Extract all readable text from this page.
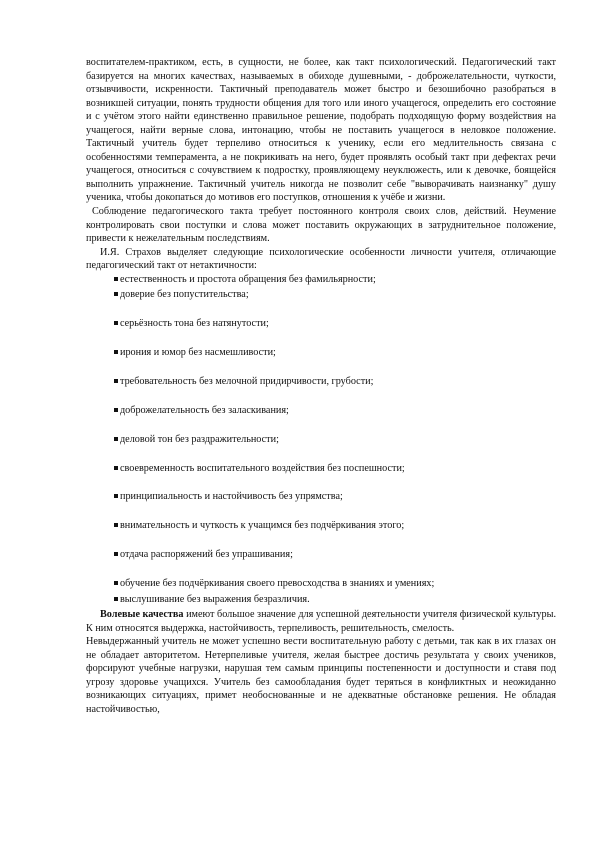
воспитателем-практиком, есть, в сущности, не более, как такт психологический. Педагогический такт базируется на многих качествах, называемых в обиходе душевными, - доброжелательности, чуткости, отзывчивости, искренности. Тактичный преподаватель может быстро и безошибочно разобраться в возникшей ситуации, понять трудности общения для того или иного учащегося, определить его состояние и с учётом этого найти единственно правильное решение, подобрать подходящую форму воздействия на учащегося, найти верные слова, интонацию, чтобы не поставить учащегося в неловкое положение. Тактичный учитель будет терпеливо относиться к ученику, если его медлительность связана с особенностями темперамента, а не покрикивать на него, будет проявлять особый такт при дефектах речи учащегося, относиться с сочувствием к подростку, проявляющему неуклюжесть, или к девочке, боящейся выполнить упражнение. Тактичный учитель никогда не позволит себе "выворачивать наизнанку" душу ученика, чтобы докопаться до мотивов его поступков, отношения к учёбе и жизни.

Соблюдение педагогического такта требует постоянного контроля своих слов, действий. Неумение контролировать свои поступки и слова может поставить окружающих в затруднительное положение, привести к нежелательным последствиям.

И.Я. Страхов выделяет следующие психологические особенности личности учителя, отличающие педагогический такт от нетактичности:

естественность и простота обращения без фамильярности;
доверие без попустительства;
серьёзность тона без натянутости;
ирония и юмор без насмешливости;
требовательность без мелочной придирчивости, грубости;
доброжелательность без заласкивания;
деловой тон без раздражительности;
своевременность воспитательного воздействия без поспешности;
принципиальность и настойчивость без упрямства;
внимательность и чуткость к учащимся без подчёркивания этого;
отдача распоряжений без упрашивания;
обучение без подчёркивания своего превосходства в знаниях и умениях;
выслушивание без выражения безразличия.

Волевые качества имеют большое значение для успешной деятельности учителя физической культуры. К ним относятся выдержка, настойчивость, терпеливость, решительность, смелость.

Невыдержанный учитель не может успешно вести воспитательную работу с детьми, так как в их глазах он не обладает авторитетом. Нетерпеливые учителя, желая быстрее достичь результата у своих учеников, форсируют учебные нагрузки, нарушая тем самым принципы постепенности и доступности и ставя под угрозу здоровье учащихся. Учитель без самообладания будет теряться в конфликтных и неожиданно возникающих ситуациях, примет необоснованные и не адекватные обстановке решения. Не обладая настойчивостью,
